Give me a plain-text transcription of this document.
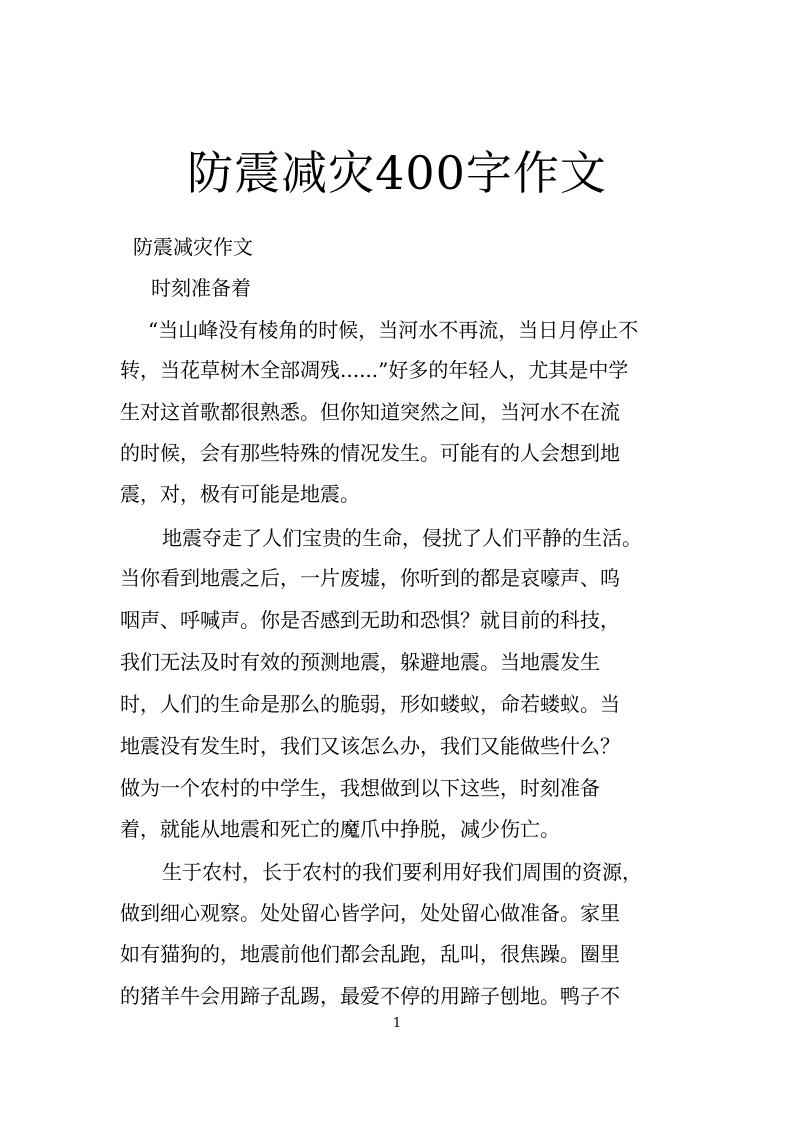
防震减灾400字作文
防震减灾作文
时刻准备着
“当山峰没有棱角的时候，当河水不再流，当日月停止不
转，当花草树木全部凋残......”好多的年轻人，尤其是中学
生对这首歌都很熟悉。但你知道突然之间，当河水不在流
的时候，会有那些特殊的情况发生。可能有的人会想到地
震，对，极有可能是地震。
地震夺走了人们宝贵的生命，侵扰了人们平静的生活。
当你看到地震之后，一片废墟，你听到的都是哀嚎声、呜
咽声、呼喊声。你是否感到无助和恐惧？就目前的科技，
我们无法及时有效的预测地震，躲避地震。当地震发生
时，人们的生命是那么的脆弱，形如蝼蚁，命若蝼蚁。当
地震没有发生时，我们又该怎么办，我们又能做些什么？
做为一个农村的中学生，我想做到以下这些，时刻准备
着，就能从地震和死亡的魔爪中挣脱，减少伤亡。
生于农村，长于农村的我们要利用好我们周围的资源，
做到细心观察。处处留心皆学问，处处留心做准备。家里
如有猫狗的，地震前他们都会乱跑，乱叫，很焦躁。圈里
的猪羊牛会用蹄子乱踢，最爱不停的用蹄子刨地。鸭子不
1
